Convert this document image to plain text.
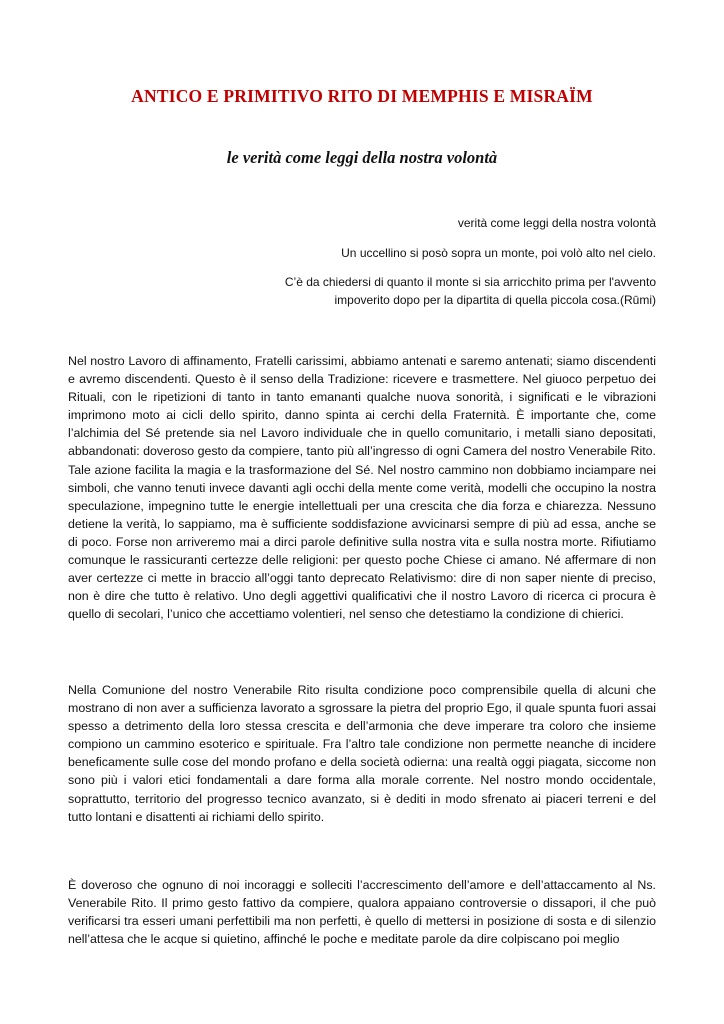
ANTICO E PRIMITIVO RITO DI MEMPHIS E MISRAÏM
le verità come leggi della nostra volontà

verità come leggi della nostra volontà

Un uccellino si posò sopra un monte, poi volò alto nel cielo.

C’è da chiedersi di quanto il monte si sia arricchito prima per l'avvento
impoverito dopo per la dipartita di quella piccola cosa.(Rūmi)

Nel nostro Lavoro di affinamento, Fratelli carissimi, abbiamo antenati e saremo antenati; siamo discendenti e avremo discendenti. Questo è il senso della Tradizione: ricevere e trasmettere. Nel giuoco perpetuo dei Rituali, con le ripetizioni di tanto in tanto emananti qualche nuova sonorità, i significati e le vibrazioni imprimono moto ai cicli dello spirito, danno spinta ai cerchi della Fraternità. È importante che, come l’alchimia del Sé pretende sia nel Lavoro individuale che in quello comunitario, i metalli siano depositati, abbandonati: doveroso gesto da compiere, tanto più all’ingresso di ogni Camera del nostro Venerabile Rito. Tale azione facilita la magia e la trasformazione del Sé. Nel nostro cammino non dobbiamo inciampare nei simboli, che vanno tenuti invece davanti agli occhi della mente come verità, modelli che occupino la nostra speculazione, impegnino tutte le energie intellettuali per una crescita che dia forza e chiarezza. Nessuno detiene la verità, lo sappiamo, ma è sufficiente soddisfazione avvicinarsi sempre di più ad essa, anche se di poco. Forse non arriveremo mai a dirci parole definitive sulla nostra vita e sulla nostra morte. Rifiutiamo comunque le rassicuranti certezze delle religioni: per questo poche Chiese ci amano. Né affermare di non aver certezze ci mette in braccio all’oggi tanto deprecato Relativismo: dire di non saper niente di preciso, non è dire che tutto è relativo. Uno degli aggettivi qualificativi che il nostro Lavoro di ricerca ci procura è quello di secolari, l’unico che accettiamo volentieri, nel senso che detestiamo la condizione di chierici.

Nella Comunione del nostro Venerabile Rito risulta condizione poco comprensibile quella di alcuni che mostrano di non aver a sufficienza lavorato a sgrossare la pietra del proprio Ego, il quale spunta fuori assai spesso a detrimento della loro stessa crescita e dell’armonia che deve imperare tra coloro che insieme compiono un cammino esoterico e spirituale. Fra l’altro tale condizione non permette neanche di incidere beneficamente sulle cose del mondo profano e della società odierna: una realtà oggi piagata, siccome non sono più i valori etici fondamentali a dare forma alla morale corrente. Nel nostro mondo occidentale, soprattutto, territorio del progresso tecnico avanzato, si è dediti in modo sfrenato ai piaceri terreni e del tutto lontani e disattenti ai richiami dello spirito.

È doveroso che ognuno di noi incoraggi e solleciti l’accrescimento dell’amore e dell’attaccamento al Ns. Venerabile Rito. Il primo gesto fattivo da compiere, qualora appaiano controversie o dissapori, il che può verificarsi tra esseri umani perfettibili ma non perfetti, è quello di mettersi in posizione di sosta e di silenzio nell’attesa che le acque si quietino, affinché le poche e meditate parole da dire colpiscano poi meglio
